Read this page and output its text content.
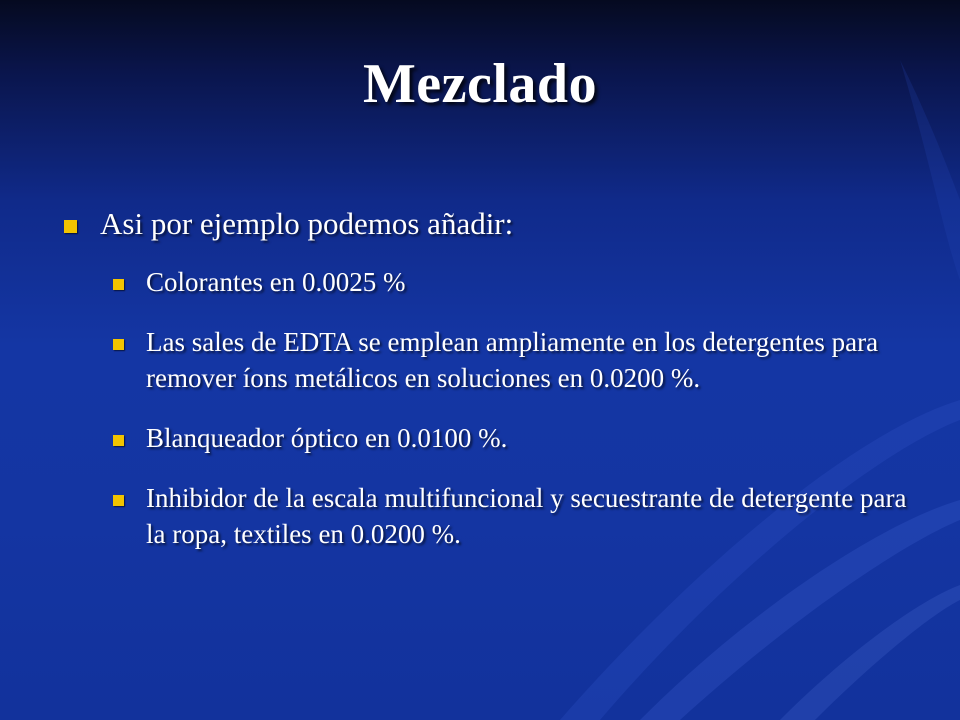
Mezclado
Asi por ejemplo podemos añadir:
Colorantes en 0.0025 %
Las sales de EDTA se emplean ampliamente en los detergentes para remover íons metálicos en soluciones en 0.0200 %.
Blanqueador óptico en 0.0100 %.
Inhibidor de la escala multifuncional y secuestrante de detergente para la ropa, textiles en 0.0200 %.
